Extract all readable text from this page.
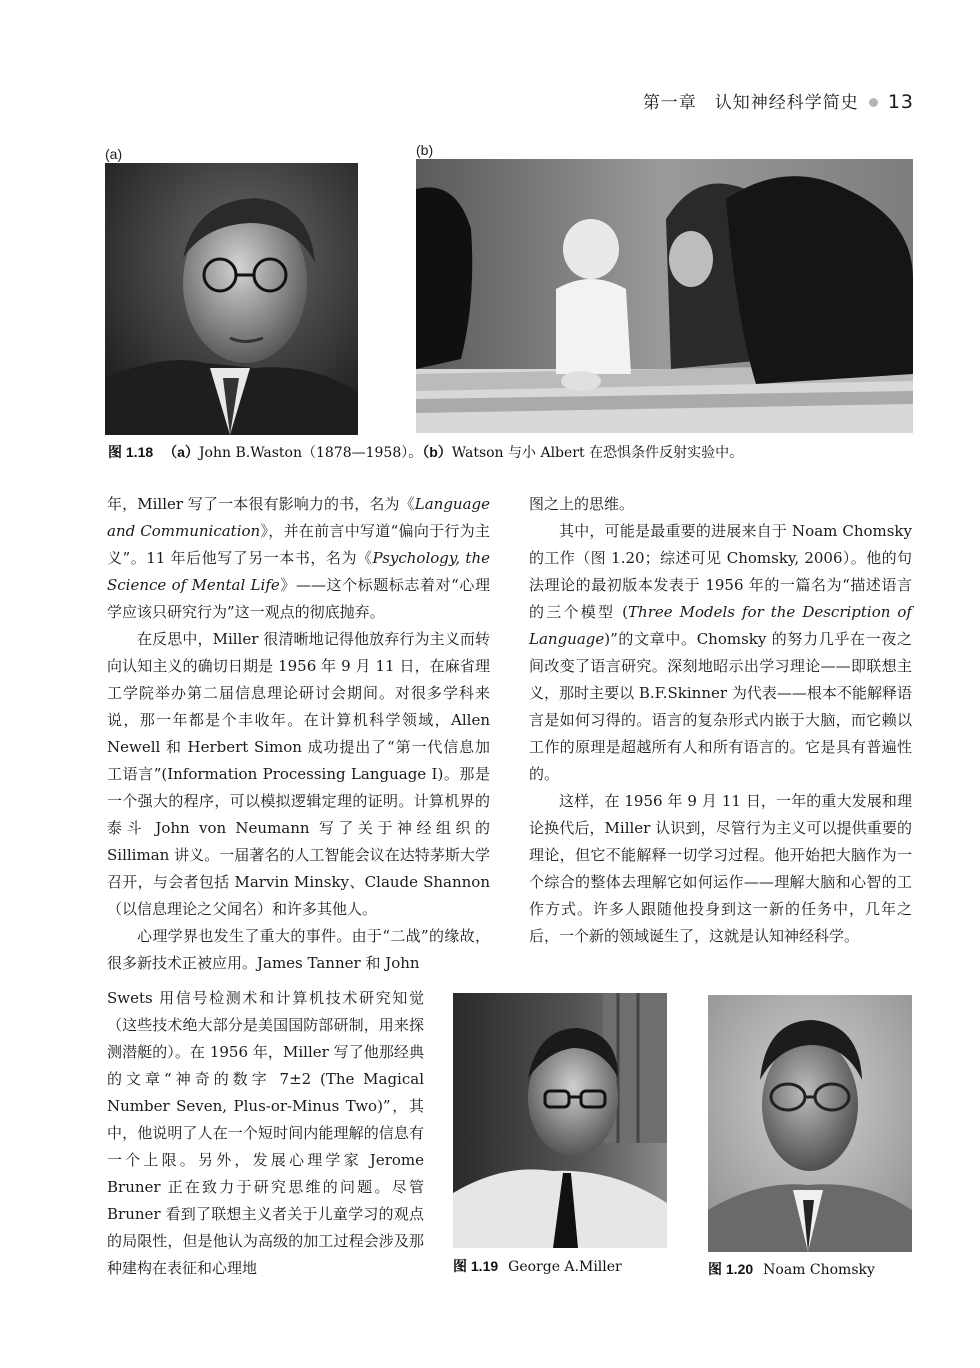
第一章　认知神经科学简史 13
(a)	(b)
图 1.18 （a）John B.Waston（1878—1958）。（b）Watson 与小 Albert 在恐惧条件反射实验中。

年，Miller 写了一本很有影响力的书，名为《Language and Communication》，并在前言中写道“偏向于行为主义”。11 年后他写了另一本书，名为《Psychology, the Science of Mental Life》——这个标题标志着对“心理学应该只研究行为”这一观点的彻底抛弃。

在反思中，Miller 很清晰地记得他放弃行为主义而转向认知主义的确切日期是 1956 年 9 月 11 日，在麻省理工学院举办第二届信息理论研讨会期间。对很多学科来说，那一年都是个丰收年。在计算机科学领域，Allen Newell 和 Herbert Simon 成功提出了“第一代信息加工语言”(Information Processing Language I)。那是一个强大的程序，可以模拟逻辑定理的证明。计算机界的泰斗 John von Neumann 写了关于神经组织的 Silliman 讲义。一届著名的人工智能会议在达特茅斯大学召开，与会者包括 Marvin Minsky、Claude Shannon（以信息理论之父闻名）和许多其他人。

心理学界也发生了重大的事件。由于“二战”的缘故，很多新技术正被应用。James Tanner 和 John

Swets 用信号检测术和计算机技术研究知觉（这些技术绝大部分是美国国防部研制，用来探测潜艇的）。在 1956 年，Miller 写了他那经典的文章“神奇的数字 7±2 (The Magical Number Seven, Plus-or-Minus Two)”，其中，他说明了人在一个短时间内能理解的信息有一个上限。另外，发展心理学家 Jerome Bruner 正在致力于研究思维的问题。尽管 Bruner 看到了联想主义者关于儿童学习的观点的局限性，但是他认为高级的加工过程会涉及那种建构在表征和心理地

图之上的思维。

其中，可能是最重要的进展来自于 Noam Chomsky 的工作（图 1.20；综述可见 Chomsky, 2006）。他的句法理论的最初版本发表于 1956 年的一篇名为“描述语言的三个模型 (Three Models for the Description of Language)”的文章中。Chomsky 的努力几乎在一夜之间改变了语言研究。深刻地昭示出学习理论——即联想主义，那时主要以 B.F.Skinner 为代表——根本不能解释语言是如何习得的。语言的复杂形式内嵌于大脑，而它赖以工作的原理是超越所有人和所有语言的。它是具有普遍性的。

这样，在 1956 年 9 月 11 日，一年的重大发展和理论换代后，Miller 认识到，尽管行为主义可以提供重要的理论，但它不能解释一切学习过程。他开始把大脑作为一个综合的整体去理解它如何运作——理解大脑和心智的工作方式。许多人跟随他投身到这一新的任务中，几年之后，一个新的领域诞生了，这就是认知神经科学。

图 1.19 George A.Miller	图 1.20 Noam Chomsky
